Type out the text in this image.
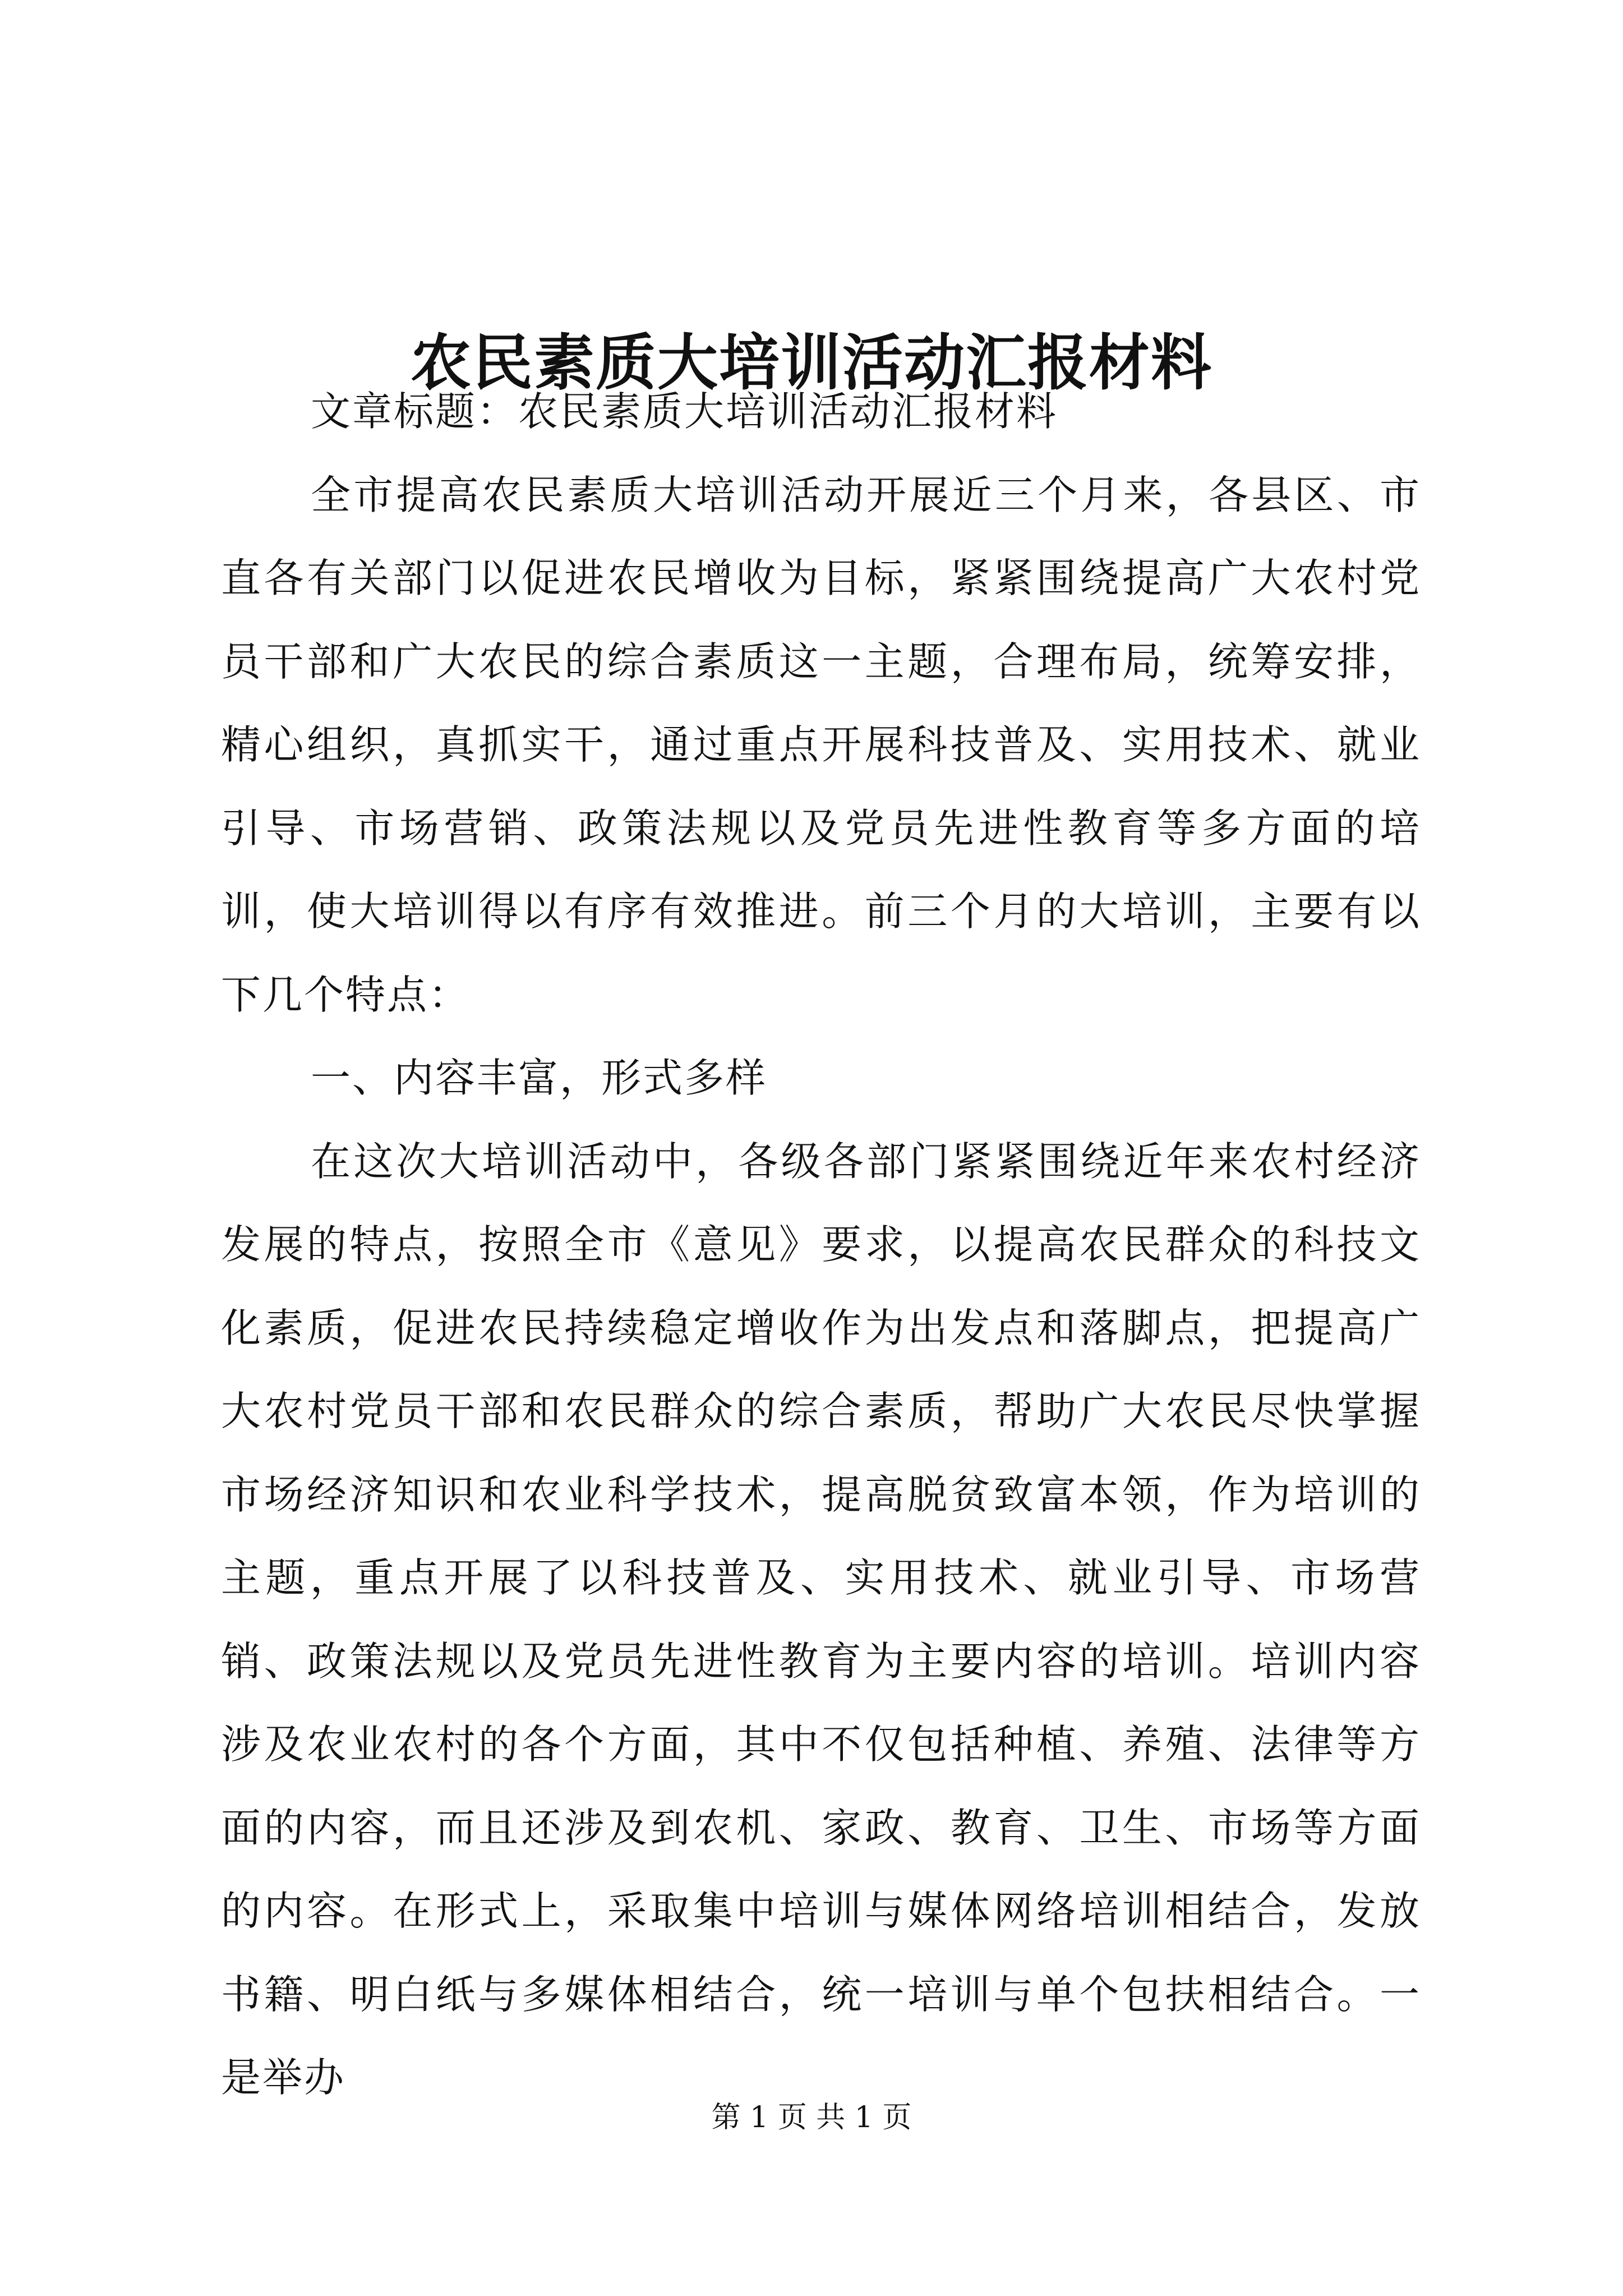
农民素质大培训活动汇报材料

文章标题：农民素质大培训活动汇报材料

全市提高农民素质大培训活动开展近三个月来，各县区、市直各有关部门以促进农民增收为目标，紧紧围绕提高广大农村党员干部和广大农民的综合素质这一主题，合理布局，统筹安排，精心组织，真抓实干，通过重点开展科技普及、实用技术、就业引导、市场营销、政策法规以及党员先进性教育等多方面的培训，使大培训得以有序有效推进。前三个月的大培训，主要有以下几个特点：

一、内容丰富，形式多样

在这次大培训活动中，各级各部门紧紧围绕近年来农村经济发展的特点，按照全市《意见》要求，以提高农民群众的科技文化素质，促进农民持续稳定增收作为出发点和落脚点，把提高广大农村党员干部和农民群众的综合素质，帮助广大农民尽快掌握市场经济知识和农业科学技术，提高脱贫致富本领，作为培训的主题，重点开展了以科技普及、实用技术、就业引导、市场营销、政策法规以及党员先进性教育为主要内容的培训。培训内容涉及农业农村的各个方面，其中不仅包括种植、养殖、法律等方面的内容，而且还涉及到农机、家政、教育、卫生、市场等方面的内容。在形式上，采取集中培训与媒体网络培训相结合，发放书籍、明白纸与多媒体相结合，统一培训与单个包扶相结合。一是举办

第 1 页 共 1 页
